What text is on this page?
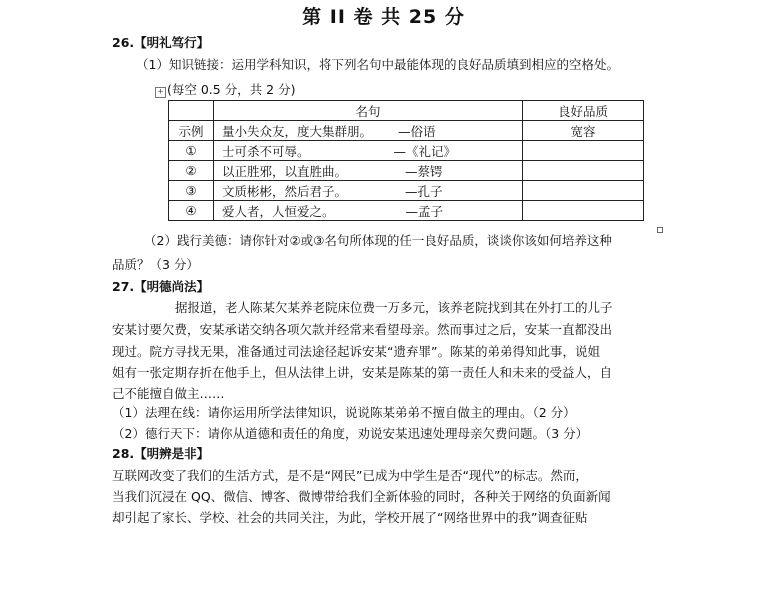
第 II 卷 共 25 分
26.【明礼笃行】
（1）知识链接：运用学科知识，将下列名句中最能体现的良好品质填到相应的空格处。
+ (每空 0.5 分，共 2 分)
	名句	良好品质
示例	量小失众友，度大集群朋。 —俗语	宽容
①	士可杀不可辱。 —《礼记》	
②	以正胜邪，以直胜曲。 —蔡锷	
③	文质彬彬，然后君子。 —孔子	
④	爱人者，人恒爱之。 —孟子	
（2）践行美德：请你针对②或③名句所体现的任一良好品质，谈谈你该如何培养这种
品质？（3 分）
27.【明德尚法】
据报道，老人陈某欠某养老院床位费一万多元，该养老院找到其在外打工的儿子
安某讨要欠费，安某承诺交纳各项欠款并经常来看望母亲。然而事过之后，安某一直都没出
现过。院方寻找无果，准备通过司法途径起诉安某“遗弃罪”。陈某的弟弟得知此事，说姐
姐有一张定期存折在他手上，但从法律上讲，安某是陈某的第一责任人和未来的受益人，自
己不能擅自做主……
（1）法理在线：请你运用所学法律知识，说说陈某弟弟不擅自做主的理由。（2 分）
（2）德行天下：请你从道德和责任的角度，劝说安某迅速处理母亲欠费问题。（3 分）
28.【明辨是非】
互联网改变了我们的生活方式，是不是“网民”已成为中学生是否“现代”的标志。然而，
当我们沉浸在 QQ、微信、博客、微博带给我们全新体验的同时，各种关于网络的负面新闻
却引起了家长、学校、社会的共同关注，为此，学校开展了“网络世界中的我”调查征贴
